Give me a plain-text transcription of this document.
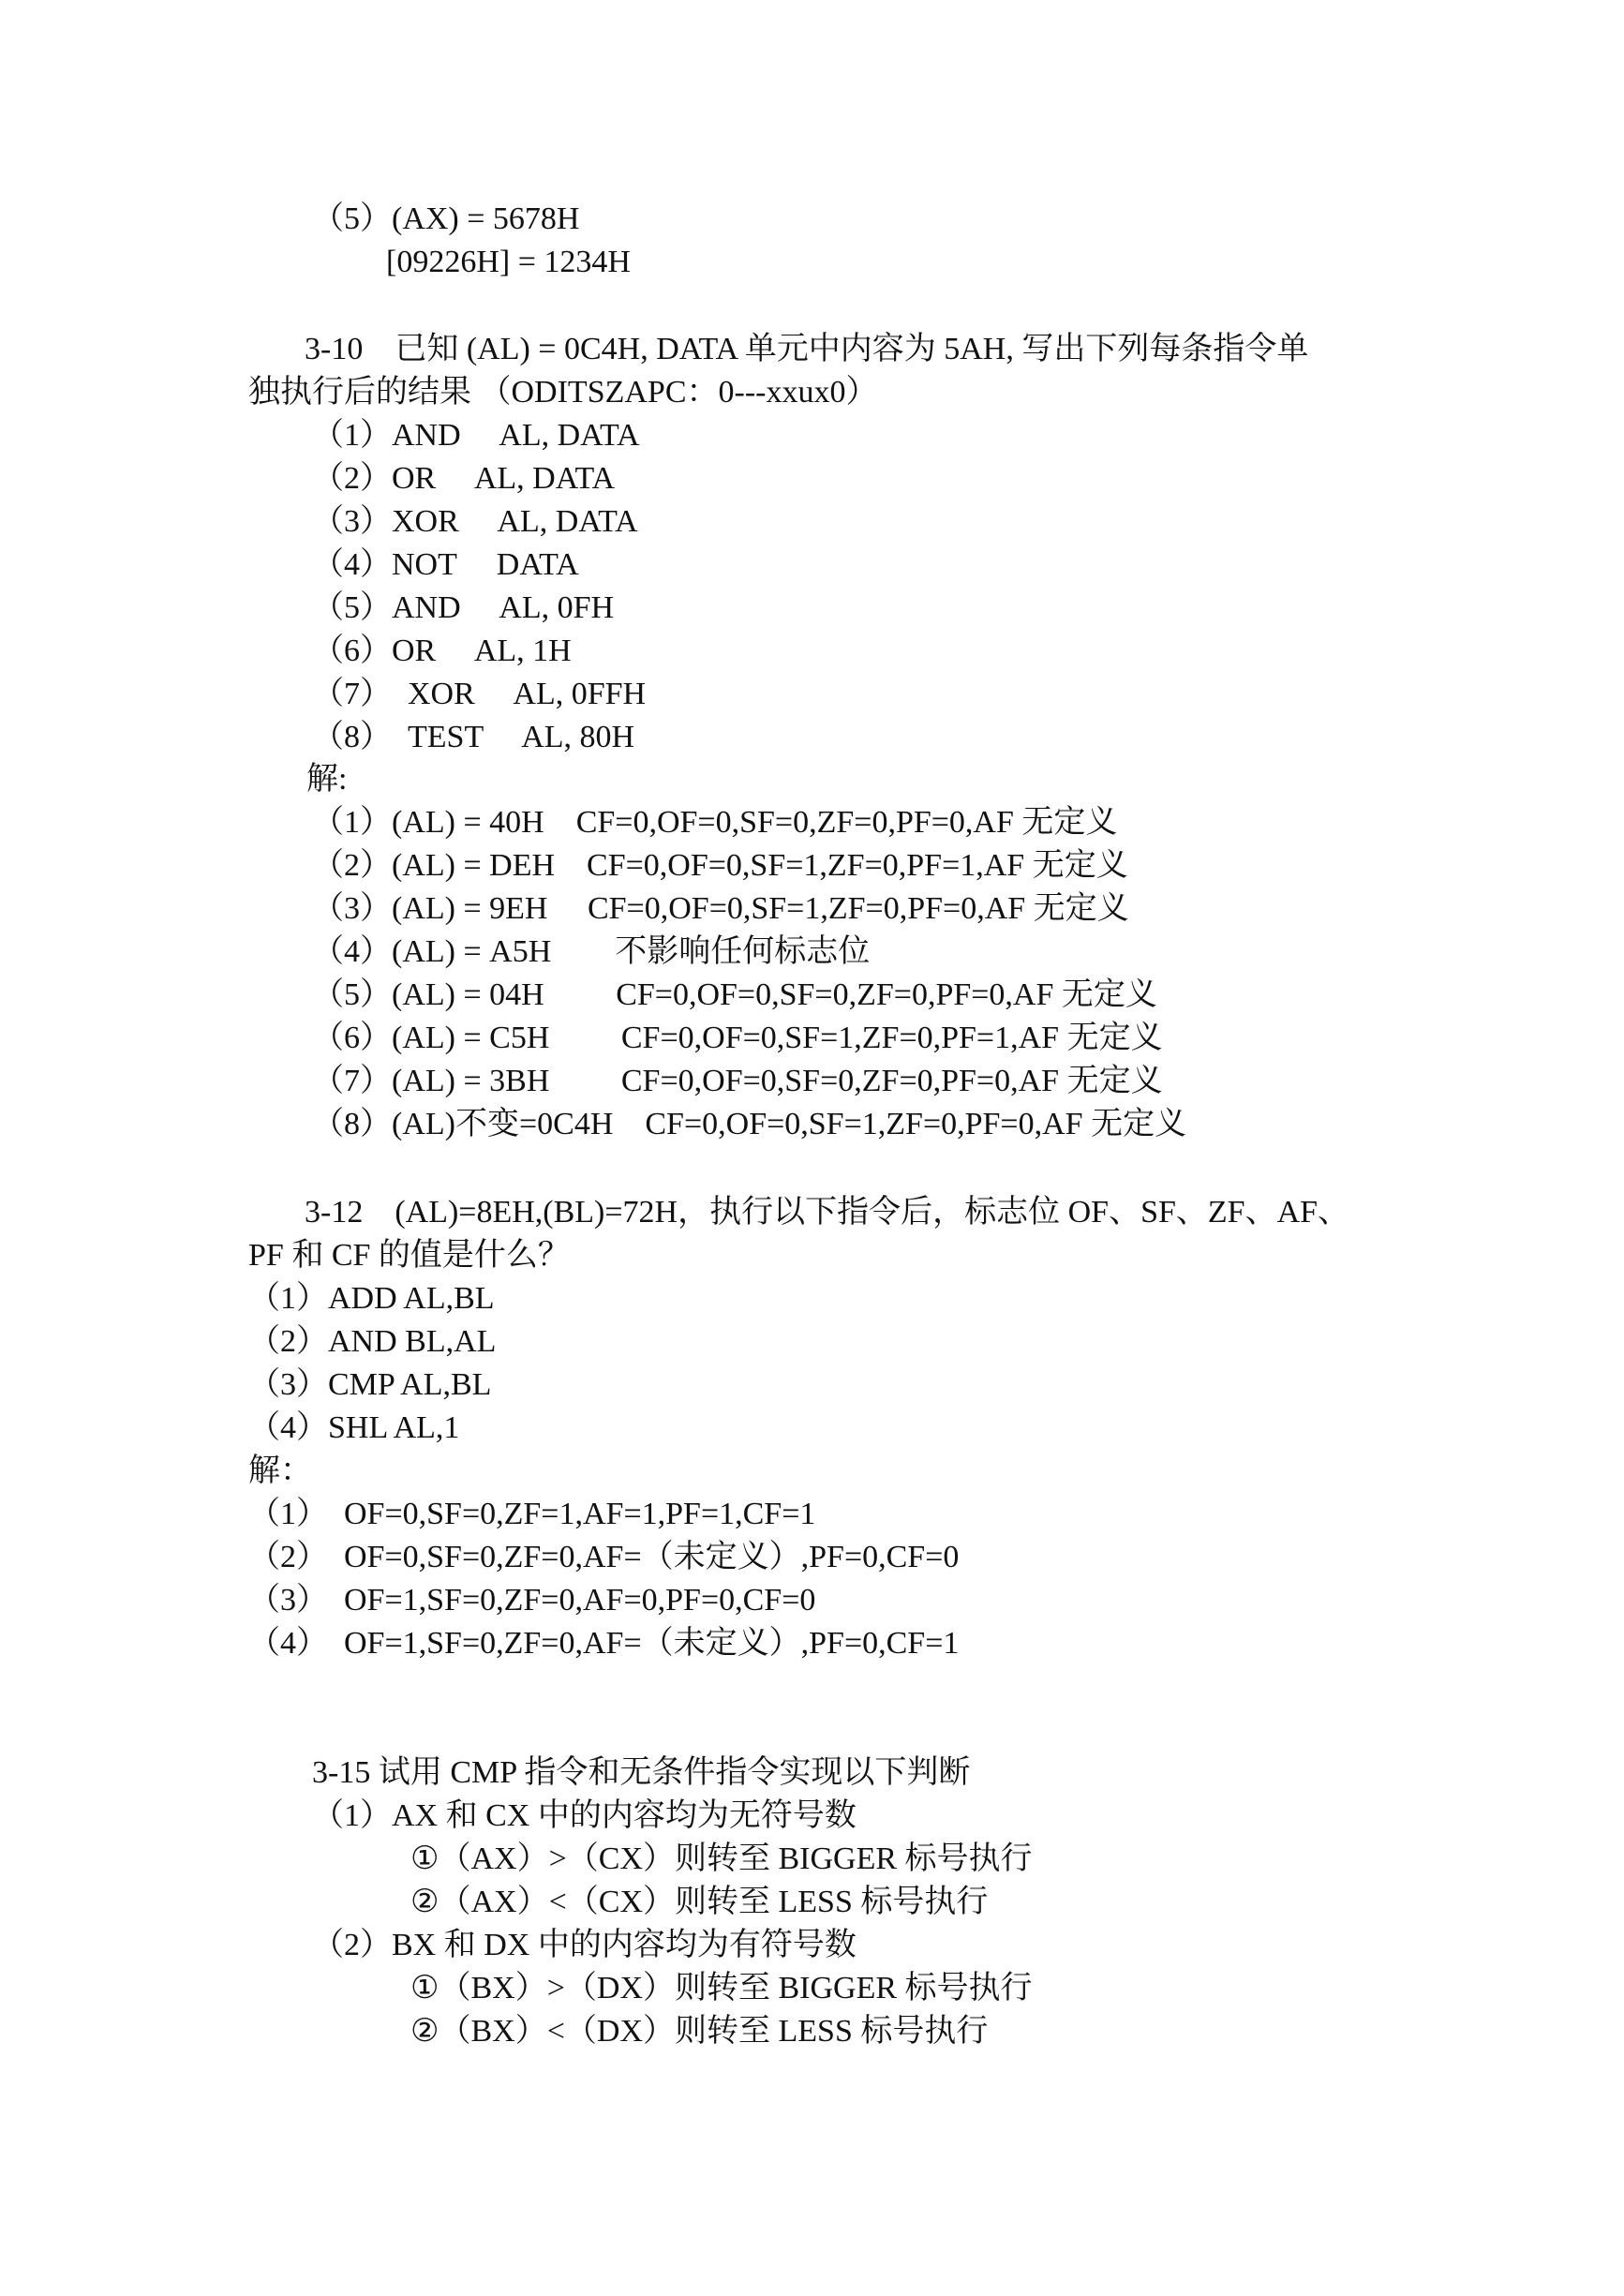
（5）(AX) = 5678H

[09226H] = 1234H

3-10　已知 (AL) = 0C4H, DATA 单元中内容为 5AH, 写出下列每条指令单

独执行后的结果 （ODITSZAPC：0---xxux0）

（1）AND　 AL, DATA

（2）OR　 AL, DATA

（3）XOR　 AL, DATA

（4）NOT　 DATA

（5）AND　 AL, 0FH

（6）OR　 AL, 1H

（7）　XOR　 AL, 0FFH

（8）　TEST　 AL, 80H

解:

（1）(AL) = 40H　CF=0,OF=0,SF=0,ZF=0,PF=0,AF 无定义

（2）(AL) = DEH　CF=0,OF=0,SF=1,ZF=0,PF=1,AF 无定义

（3）(AL) = 9EH　 CF=0,OF=0,SF=1,ZF=0,PF=0,AF 无定义

（4）(AL) = A5H　　不影响任何标志位

（5）(AL) = 04H　　 CF=0,OF=0,SF=0,ZF=0,PF=0,AF 无定义

（6）(AL) = C5H　　 CF=0,OF=0,SF=1,ZF=0,PF=1,AF 无定义

（7）(AL) = 3BH　　 CF=0,OF=0,SF=0,ZF=0,PF=0,AF 无定义

（8）(AL)不变=0C4H　CF=0,OF=0,SF=1,ZF=0,PF=0,AF 无定义

3-12　(AL)=8EH,(BL)=72H，执行以下指令后，标志位 OF、SF、ZF、AF、

PF 和 CF 的值是什么？

（1）ADD AL,BL

（2）AND BL,AL

（3）CMP AL,BL

（4）SHL AL,1

解：

（1）　OF=0,SF=0,ZF=1,AF=1,PF=1,CF=1

（2）　OF=0,SF=0,ZF=0,AF=（未定义）,PF=0,CF=0

（3）　OF=1,SF=0,ZF=0,AF=0,PF=0,CF=0

（4）　OF=1,SF=0,ZF=0,AF=（未定义）,PF=0,CF=1

3-15 试用 CMP 指令和无条件指令实现以下判断

（1）AX 和 CX 中的内容均为无符号数

①（AX）>（CX）则转至 BIGGER 标号执行

②（AX）<（CX）则转至 LESS 标号执行

（2）BX 和 DX 中的内容均为有符号数

①（BX）>（DX）则转至 BIGGER 标号执行

②（BX）<（DX）则转至 LESS 标号执行
